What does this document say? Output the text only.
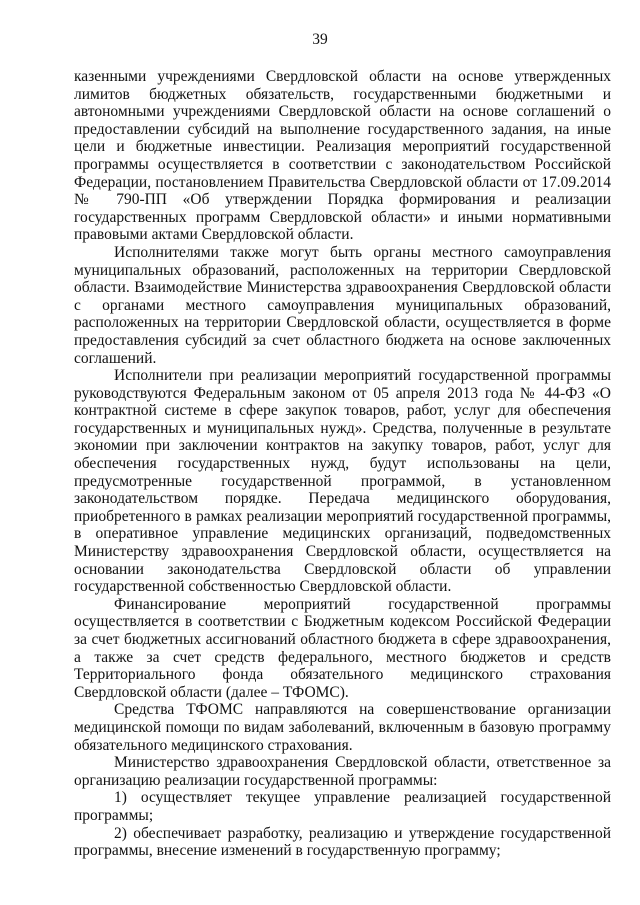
39

казенными учреждениями Свердловской области на основе утвержденных лимитов бюджетных обязательств, государственными бюджетными и автономными учреждениями Свердловской области на основе соглашений о предоставлении субсидий на выполнение государственного задания, на иные цели и бюджетные инвестиции. Реализация мероприятий государственной программы осуществляется в соответствии с законодательством Российской Федерации, постановлением Правительства Свердловской области от 17.09.2014 № 790-ПП «Об утверждении Порядка формирования и реализации государственных программ Свердловской области» и иными нормативными правовыми актами Свердловской области.

Исполнителями также могут быть органы местного самоуправления муниципальных образований, расположенных на территории Свердловской области. Взаимодействие Министерства здравоохранения Свердловской области с органами местного самоуправления муниципальных образований, расположенных на территории Свердловской области, осуществляется в форме предоставления субсидий за счет областного бюджета на основе заключенных соглашений.

Исполнители при реализации мероприятий государственной программы руководствуются Федеральным законом от 05 апреля 2013 года № 44-ФЗ «О контрактной системе в сфере закупок товаров, работ, услуг для обеспечения государственных и муниципальных нужд». Средства, полученные в результате экономии при заключении контрактов на закупку товаров, работ, услуг для обеспечения государственных нужд, будут использованы на цели, предусмотренные государственной программой, в установленном законодательством порядке. Передача медицинского оборудования, приобретенного в рамках реализации мероприятий государственной программы, в оперативное управление медицинских организаций, подведомственных Министерству здравоохранения Свердловской области, осуществляется на основании законодательства Свердловской области об управлении государственной собственностью Свердловской области.

Финансирование мероприятий государственной программы осуществляется в соответствии с Бюджетным кодексом Российской Федерации за счет бюджетных ассигнований областного бюджета в сфере здравоохранения, а также за счет средств федерального, местного бюджетов и средств Территориального фонда обязательного медицинского страхования Свердловской области (далее – ТФОМС).

Средства ТФОМС направляются на совершенствование организации медицинской помощи по видам заболеваний, включенным в базовую программу обязательного медицинского страхования.

Министерство здравоохранения Свердловской области, ответственное за организацию реализации государственной программы:

1) осуществляет текущее управление реализацией государственной программы;

2) обеспечивает разработку, реализацию и утверждение государственной программы, внесение изменений в государственную программу;
